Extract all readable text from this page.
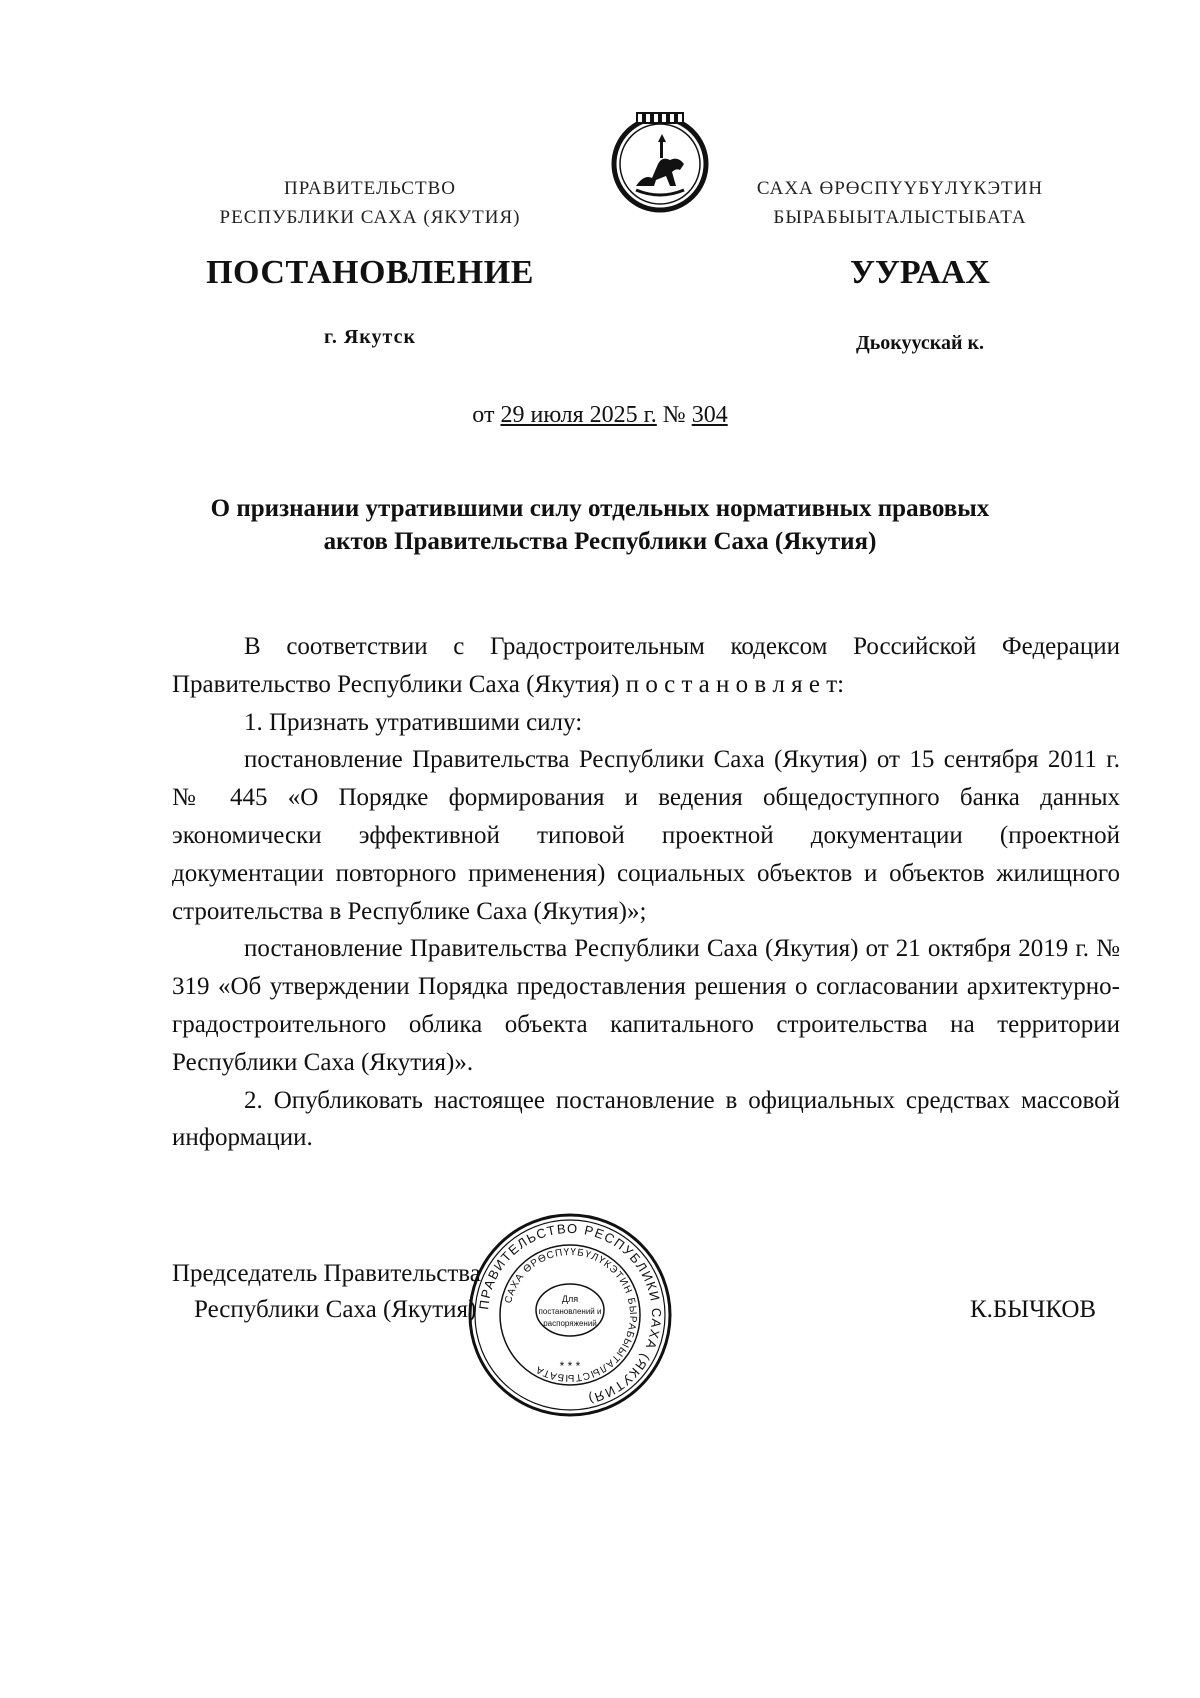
ПРАВИТЕЛЬСТВО
РЕСПУБЛИКИ САХА (ЯКУТИЯ)
САХА ӨРӨСПҮҮБҮЛҮКЭТИН
БЫРАБЫЫТАЛЫСТЫБАТА
ПОСТАНОВЛЕНИЕ	УУРААХ
г. Якутск	Дьокуускай к.
от 29 июля 2025 г. № 304
О признании утратившими силу отдельных нормативных правовых
актов Правительства Республики Саха (Якутия)

В соответствии с Градостроительным кодексом Российской Федерации Правительство Республики Саха (Якутия) п о с т а н о в л я е т:

1. Признать утратившими силу:

постановление Правительства Республики Саха (Якутия) от 15 сентября 2011 г. № 445 «О Порядке формирования и ведения общедоступного банка данных экономически эффективной типовой проектной документации (проектной документации повторного применения) социальных объектов и объектов жилищного строительства в Республике Саха (Якутия)»;

постановление Правительства Республики Саха (Якутия) от 21 октября 2019 г. № 319 «Об утверждении Порядка предоставления решения о согласовании архитектурно-градостроительного облика объекта капитального строительства на территории Республики Саха (Якутия)».

2. Опубликовать настоящее постановление в официальных средствах массовой информации.

Председатель Правительства
Республики Саха (Якутия)	К.БЫЧКОВ
ПРАВИТЕЛЬСТВО РЕСПУБЛИКИ САХА (ЯКУТИЯ)
САХА ӨРӨСПҮҮБҮЛҮКЭТИН БЫРАБЫЫТАЛЫСТЫБАТА
Для
постановлений и
распоряжений
* * *
